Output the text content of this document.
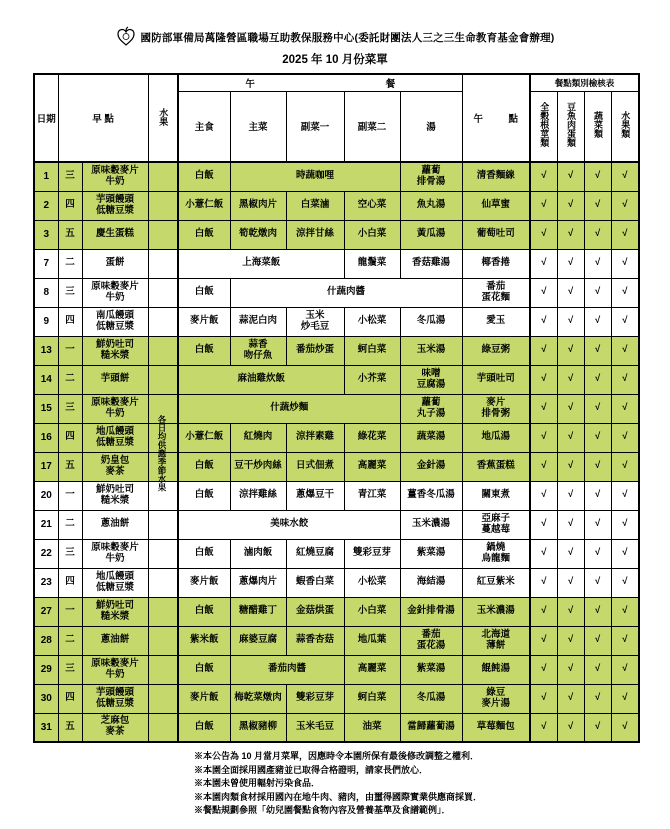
國防部軍備局萬隆營區職場互助教保服務中心(委託財團法人三之三生命教育基金會辦理)
2025 年 10 月份菜單
日期	早 點		水果	午 餐					午 點	餐點類別檢核表			
				主食	主菜	副菜一	副菜二	湯		全穀根莖類	豆魚肉蛋類	蔬菜類	水果類
1	三	原味穀麥片
牛奶		白飯	時蔬咖哩			蘿蔔
排骨湯	清香麵線	√	√	√	√
2	四	芋頭饅頭
低糖豆漿		小薏仁飯	黑椒肉片	白菜滷	空心菜	魚丸湯	仙草蜜	√	√	√	√
3	五	慶生蛋糕		白飯	筍乾燉肉	涼拌甘絲	小白菜	黃瓜湯	葡萄吐司	√	√	√	√
7	二	蛋餅		上海菜飯			龍鬚菜	香菇雞湯	椰香捲	√	√	√	√
8	三	原味穀麥片
牛奶		白飯	什蔬肉醬				番茄
蛋花麵	√	√	√	√
9	四	南瓜饅頭
低糖豆漿		麥片飯	蒜泥白肉	玉米
炒毛豆	小松菜	冬瓜湯	愛玉	√	√	√	√
13	一	鮮奶吐司
糙米漿		白飯	蒜香
吻仔魚	番茄炒蛋	蚵白菜	玉米湯	綠豆粥	√	√	√	√
14	二	芋頭餅		麻油雞炊飯			小芥菜	味噌
豆腐湯	芋頭吐司	√	√	√	√
15	三	原味穀麥片
牛奶		什蔬炒麵				蘿蔔
丸子湯	麥片
排骨粥	√	√	√	√
16	四	地瓜饅頭
低糖豆漿		小薏仁飯	紅燒肉	涼拌素雞	綠花菜	蔬菜湯	地瓜湯	√	√	√	√
17	五	奶皇包
麥茶		白飯	豆干炒肉絲	日式佃煮	高麗菜	金針湯	香蕉蛋糕	√	√	√	√
20	一	鮮奶吐司
糙米漿		白飯	涼拌雞絲	蔥爆豆干	青江菜	薑香冬瓜湯	關東煮	√	√	√	√
21	二	蔥油餅		美味水餃				玉米濃湯	亞麻子
蔓越莓	√	√	√	√
22	三	原味穀麥片
牛奶		白飯	滷肉飯	紅燒豆腐	雙彩豆芽	紫菜湯	鍋燒
烏龍麵	√	√	√	√
23	四	地瓜饅頭
低糖豆漿		麥片飯	蔥爆肉片	蝦香白菜	小松菜	海結湯	紅豆紫米	√	√	√	√
27	一	鮮奶吐司
糙米漿		白飯	糖醋雞丁	金菇烘蛋	小白菜	金針排骨湯	玉米濃湯	√	√	√	√
28	二	蔥油餅		紫米飯	麻婆豆腐	蒜香杏菇	地瓜葉	番茄
蛋花湯	北海道
薄餅	√	√	√	√
29	三	原味穀麥片
牛奶		白飯	番茄肉醬		高麗菜	紫菜湯	餛飩湯	√	√	√	√
30	四	芋頭饅頭
低糖豆漿		麥片飯	梅乾菜燉肉	雙彩豆芽	蚵白菜	冬瓜湯	綠豆
麥片湯	√	√	√	√
31	五	芝麻包
麥茶		白飯	黑椒豬柳	玉米毛豆	油菜	當歸蘿蔔湯	草莓麵包	√	√	√	√
各日均供應季節水果
※本公告為 10 月當月菜單，因應時令本園所保有最後修改調整之權利．
※本園全面採用國產豬並已取得合格證明，請家長們放心．
※本園未曾使用輻射污染食品．
※本園肉類食材採用國內在地牛肉、豬肉，由璽得國際實業供應商採買．
※餐點規劃參照「幼兒園餐點食物內容及營養基準及食譜範例」．
